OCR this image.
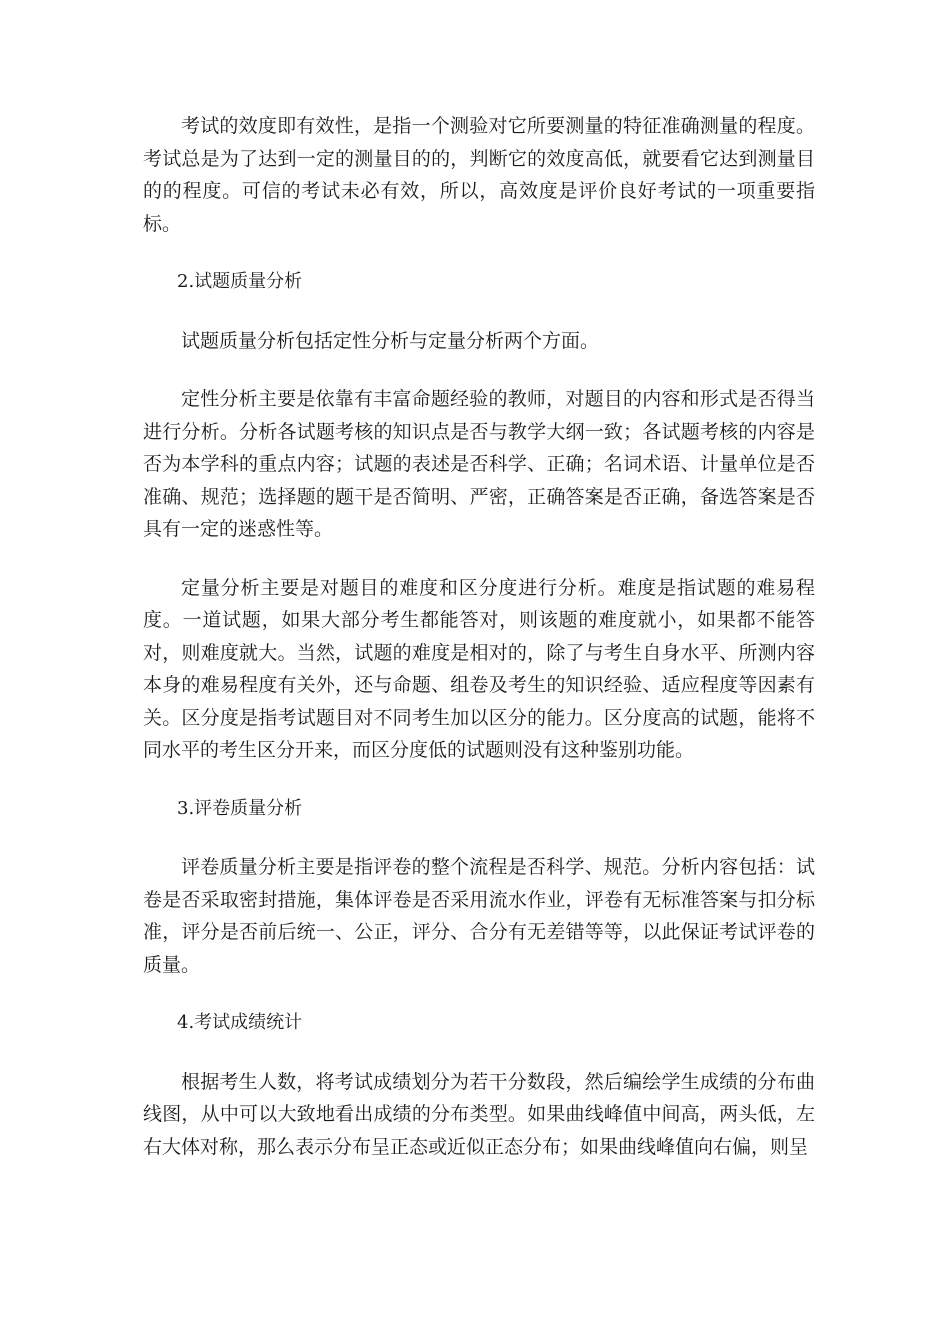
考试的效度即有效性，是指一个测验对它所要测量的特征准确测量的程度。考试总是为了达到一定的测量目的的，判断它的效度高低，就要看它达到测量目的的程度。可信的考试未必有效，所以，高效度是评价良好考试的一项重要指标。

2.试题质量分析

试题质量分析包括定性分析与定量分析两个方面。

定性分析主要是依靠有丰富命题经验的教师，对题目的内容和形式是否得当进行分析。分析各试题考核的知识点是否与教学大纲一致；各试题考核的内容是否为本学科的重点内容；试题的表述是否科学、正确；名词术语、计量单位是否准确、规范；选择题的题干是否简明、严密，正确答案是否正确，备选答案是否具有一定的迷惑性等。

定量分析主要是对题目的难度和区分度进行分析。难度是指试题的难易程度。一道试题，如果大部分考生都能答对，则该题的难度就小，如果都不能答对，则难度就大。当然，试题的难度是相对的，除了与考生自身水平、所测内容本身的难易程度有关外，还与命题、组卷及考生的知识经验、适应程度等因素有关。区分度是指考试题目对不同考生加以区分的能力。区分度高的试题，能将不同水平的考生区分开来，而区分度低的试题则没有这种鉴别功能。

3.评卷质量分析

评卷质量分析主要是指评卷的整个流程是否科学、规范。分析内容包括：试卷是否采取密封措施，集体评卷是否采用流水作业，评卷有无标准答案与扣分标准，评分是否前后统一、公正，评分、合分有无差错等等，以此保证考试评卷的质量。

4.考试成绩统计

根据考生人数，将考试成绩划分为若干分数段，然后编绘学生成绩的分布曲线图，从中可以大致地看出成绩的分布类型。如果曲线峰值中间高，两头低，左右大体对称，那么表示分布呈正态或近似正态分布；如果曲线峰值向右偏，则呈
